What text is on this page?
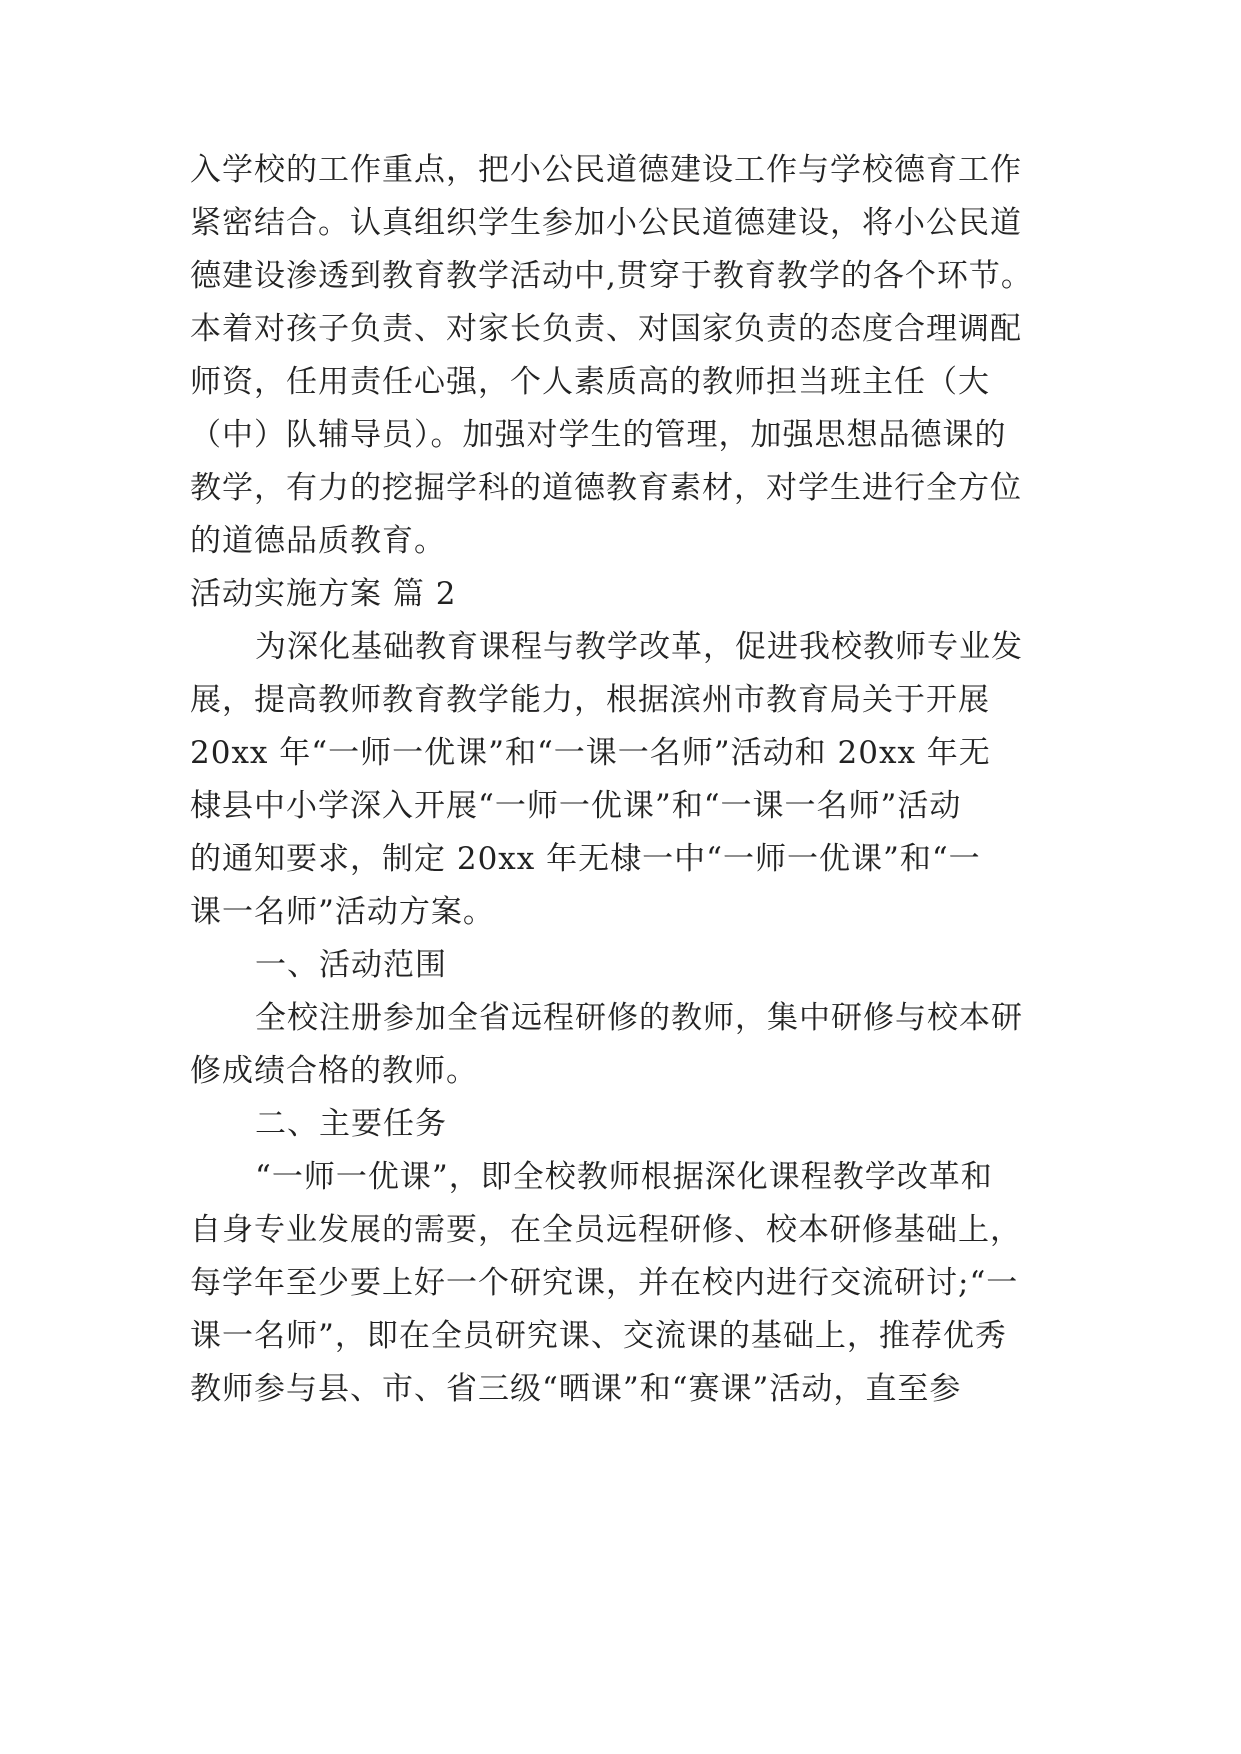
入学校的工作重点，把小公民道德建设工作与学校德育工作

紧密结合。认真组织学生参加小公民道德建设，将小公民道

德建设渗透到教育教学活动中,贯穿于教育教学的各个环节。

本着对孩子负责、对家长负责、对国家负责的态度合理调配

师资，任用责任心强，个人素质高的教师担当班主任（大

（中）队辅导员）。加强对学生的管理，加强思想品德课的

教学，有力的挖掘学科的道德教育素材，对学生进行全方位

的道德品质教育。

活动实施方案 篇 2

为深化基础教育课程与教学改革，促进我校教师专业发

展，提高教师教育教学能力，根据滨州市教育局关于开展

20xx 年“一师一优课”和“一课一名师”活动和 20xx 年无

棣县中小学深入开展“一师一优课”和“一课一名师”活动

的通知要求，制定 20xx 年无棣一中“一师一优课”和“一

课一名师”活动方案。

一、活动范围

全校注册参加全省远程研修的教师，集中研修与校本研

修成绩合格的教师。

二、主要任务

“一师一优课”，即全校教师根据深化课程教学改革和

自身专业发展的需要，在全员远程研修、校本研修基础上，

每学年至少要上好一个研究课，并在校内进行交流研讨;“一

课一名师”，即在全员研究课、交流课的基础上，推荐优秀

教师参与县、市、省三级“晒课”和“赛课”活动，直至参
